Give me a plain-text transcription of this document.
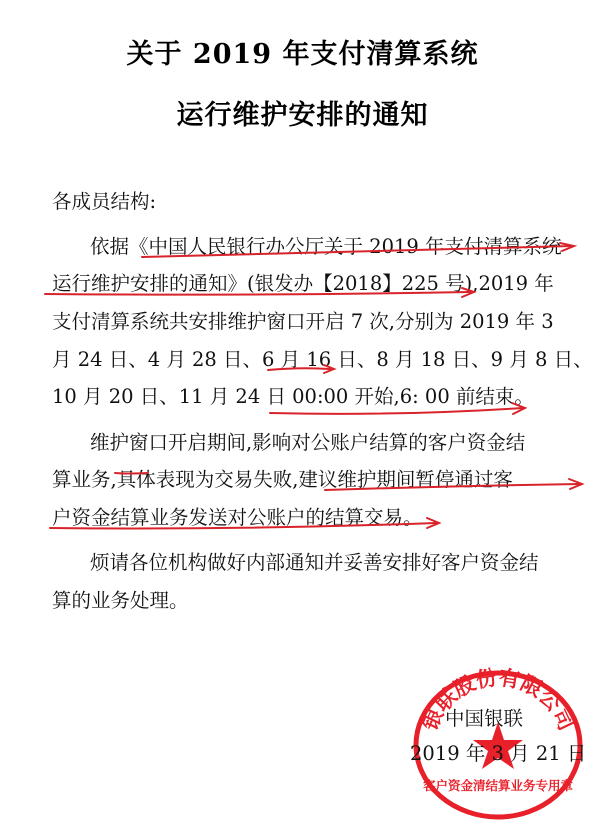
关于 2019 年支付清算系统
运行维护安排的通知
各成员结构:
依据《中国人民银行办公厅关于 2019 年支付清算系统
运行维护安排的通知》(银发办【2018】225 号),2019 年
支付清算系统共安排维护窗口开启 7 次,分别为 2019 年 3
月 24 日、4 月 28 日、6 月 16 日、8 月 18 日、9 月 8 日、
10 月 20 日、11 月 24 日 00:00 开始,6: 00 前结束。
维护窗口开启期间,影响对公账户结算的客户资金结
算业务,具体表现为交易失败,建议维护期间暂停通过客
户资金结算业务发送对公账户的结算交易。
烦请各位机构做好内部通知并妥善安排好客户资金结
算的业务处理。
银联股份有限公司
客户资金清结算业务专用章
中国银联
2019 年 3 月 21 日
